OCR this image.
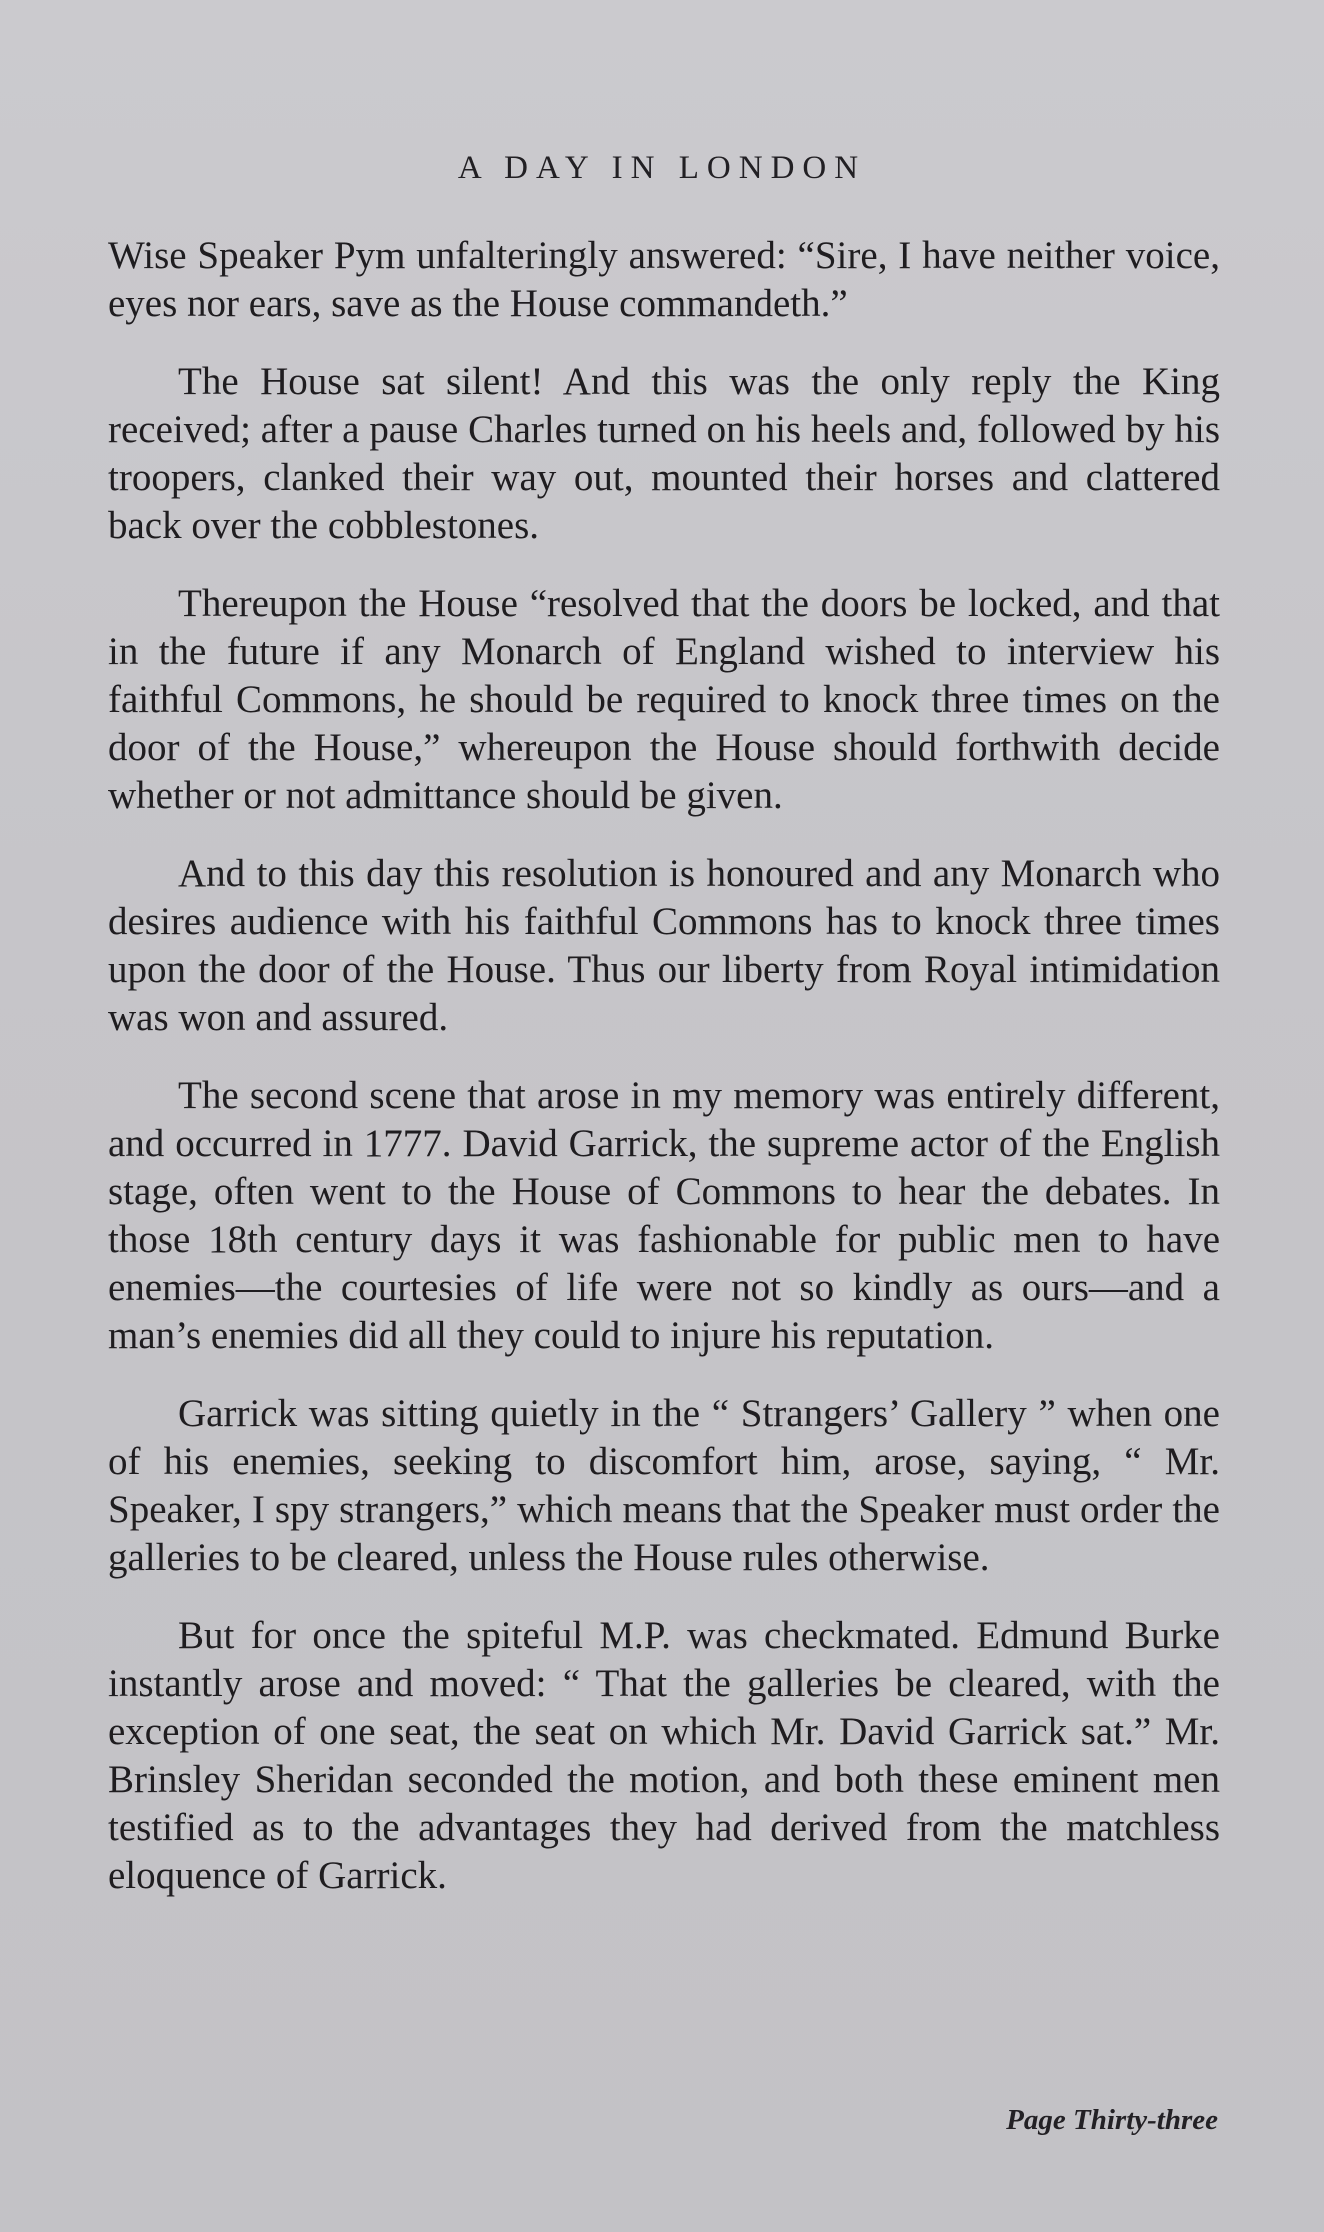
A DAY IN LONDON

Wise Speaker Pym unfalteringly answered: “Sire, I have neither voice, eyes nor ears, save as the House commandeth.”

The House sat silent! And this was the only reply the King received; after a pause Charles turned on his heels and, followed by his troopers, clanked their way out, mounted their horses and clattered back over the cobblestones.

Thereupon the House “resolved that the doors be locked, and that in the future if any Monarch of England wished to interview his faithful Commons, he should be required to knock three times on the door of the House,” whereupon the House should forthwith decide whether or not admittance should be given.

And to this day this resolution is honoured and any Monarch who desires audience with his faithful Commons has to knock three times upon the door of the House. Thus our liberty from Royal intimidation was won and assured.

The second scene that arose in my memory was entirely different, and occurred in 1777. David Garrick, the supreme actor of the English stage, often went to the House of Commons to hear the debates. In those 18th century days it was fashionable for public men to have enemies—the courtesies of life were not so kindly as ours—and a man’s enemies did all they could to injure his reputation.

Garrick was sitting quietly in the “ Strangers’ Gallery ” when one of his enemies, seeking to discomfort him, arose, saying, “ Mr. Speaker, I spy strangers,” which means that the Speaker must order the galleries to be cleared, unless the House rules otherwise.

But for once the spiteful M.P. was checkmated. Edmund Burke instantly arose and moved: “ That the galleries be cleared, with the exception of one seat, the seat on which Mr. David Garrick sat.” Mr. Brinsley Sheridan seconded the motion, and both these eminent men testified as to the advantages they had derived from the matchless eloquence of Garrick.

Page Thirty-three
